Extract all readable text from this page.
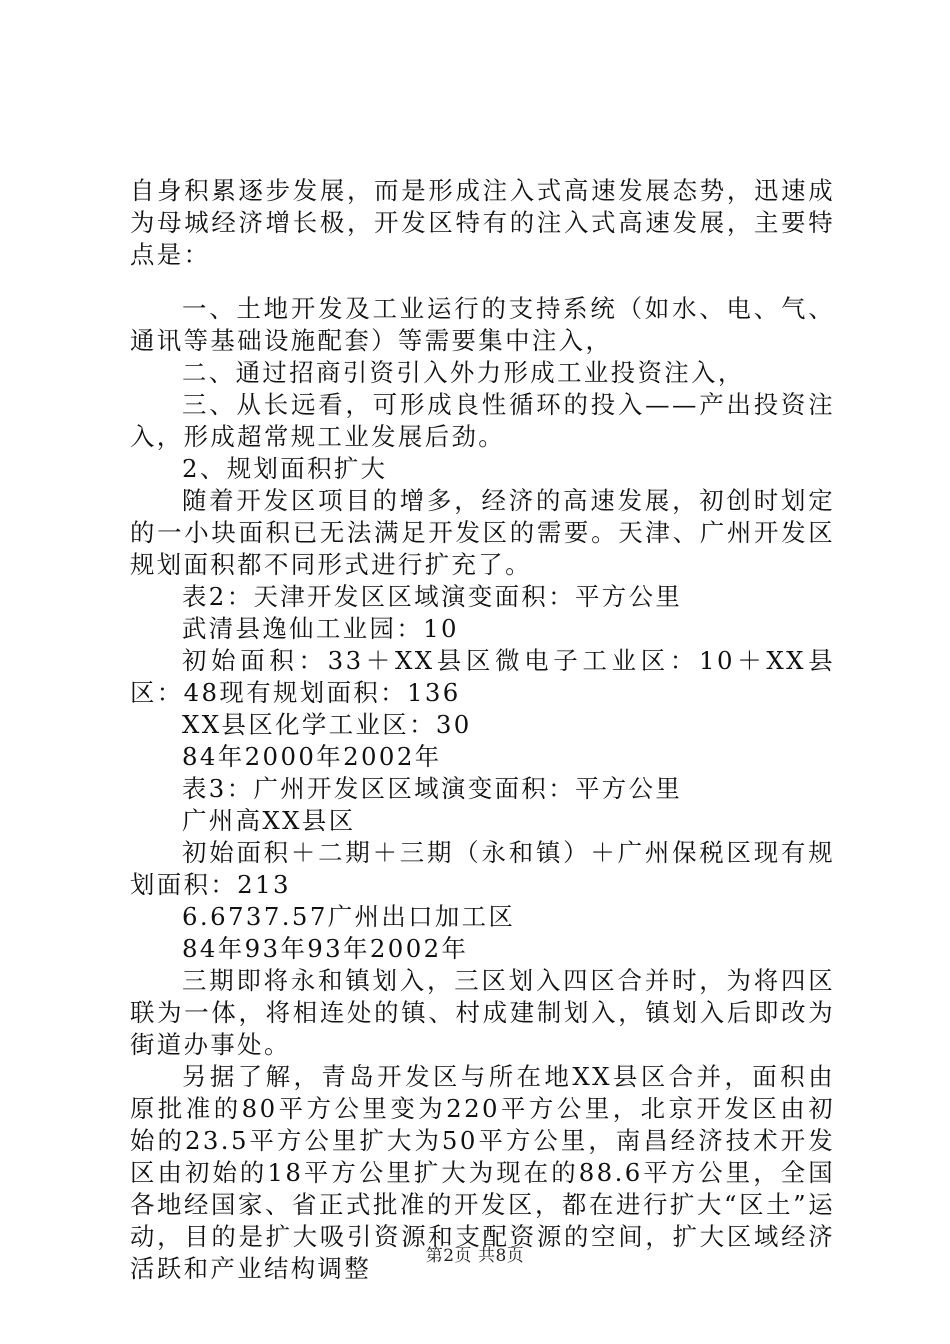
自身积累逐步发展，而是形成注入式高速发展态势，迅速成为母城经济增长极，开发区特有的注入式高速发展，主要特点是：

一、土地开发及工业运行的支持系统（如水、电、气、通讯等基础设施配套）等需要集中注入，

二、通过招商引资引入外力形成工业投资注入，

三、从长远看，可形成良性循环的投入——产出投资注入，形成超常规工业发展后劲。

2、规划面积扩大

随着开发区项目的增多，经济的高速发展，初创时划定的一小块面积已无法满足开发区的需要。天津、广州开发区规划面积都不同形式进行扩充了。

表2：天津开发区区域演变面积：平方公里

武清县逸仙工业园：10

初始面积：33＋XX县区微电子工业区：10＋XX县区：48现有规划面积：136

XX县区化学工业区：30

84年2000年2002年

表3：广州开发区区域演变面积：平方公里

广州高XX县区

初始面积＋二期＋三期（永和镇）＋广州保税区现有规划面积：213

6.6737.57广州出口加工区

84年93年93年2002年

三期即将永和镇划入，三区划入四区合并时，为将四区联为一体，将相连处的镇、村成建制划入，镇划入后即改为街道办事处。

另据了解，青岛开发区与所在地XX县区合并，面积由原批准的80平方公里变为220平方公里，北京开发区由初始的23.5平方公里扩大为50平方公里，南昌经济技术开发区由初始的18平方公里扩大为现在的88.6平方公里，全国各地经国家、省正式批准的开发区，都在进行扩大“区土”运动，目的是扩大吸引资源和支配资源的空间，扩大区域经济活跃和产业结构调整	第2页 共8页
